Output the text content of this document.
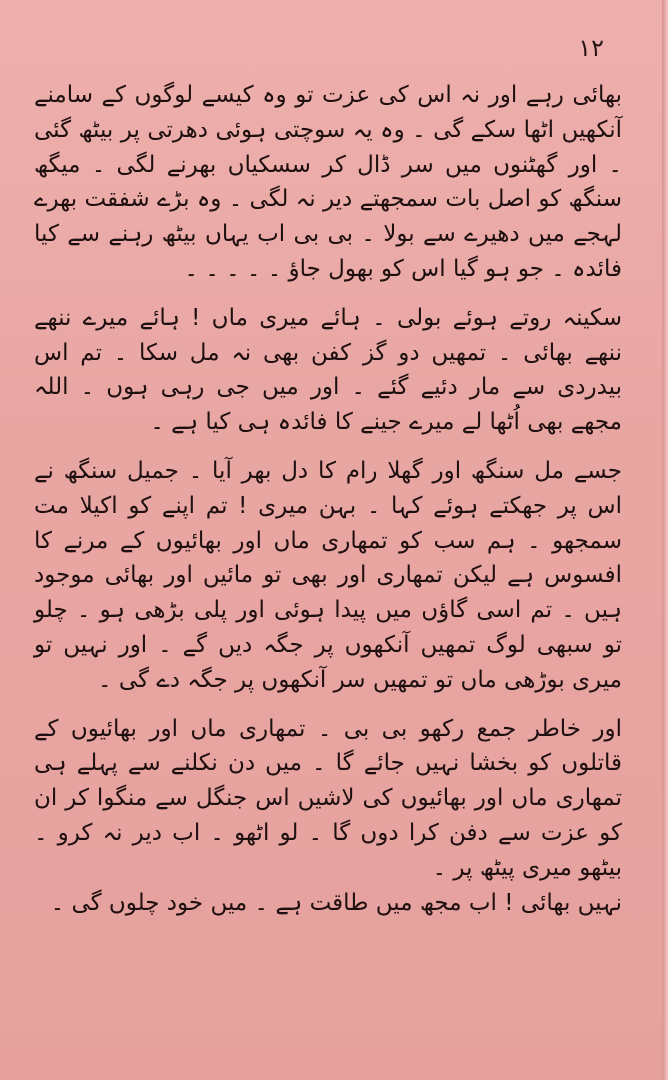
۱۲

بھائی رہے اور نہ اس کی عزت تو وہ کیسے لوگوں کے سامنے آنکھیں اٹھا سکے گی ۔ وہ یہ سوچتی ہوئی دھرتی پر بیٹھ گئی ۔ اور گھٹنوں میں سر ڈال کر سسکیاں بھرنے لگی ۔ میگھ سنگھ کو اصل بات سمجھتے دیر نہ لگی ۔ وہ بڑے شفقت بھرے لہجے میں دھیرے سے بولا ۔ بی بی اب یہاں بیٹھ رہنے سے کیا فائدہ ۔ جو ہو گیا اس کو بھول جاؤ ۔ ۔ ۔ ۔ ۔

سکینہ روتے ہوئے بولی ۔ ہائے میری ماں ! ہائے میرے ننھے ننھے بھائی ۔ تمھیں دو گز کفن بھی نہ مل سکا ۔ تم اس بیدردی سے مار دئیے گئے ۔ اور میں جی رہی ہوں ۔ اللہ مجھے بھی اُٹھا لے میرے جینے کا فائدہ ہی کیا ہے ۔

جسے مل سنگھ اور گھلا رام کا دل بھر آیا ۔ جمیل سنگھ نے اس پر جھکتے ہوئے کہا ۔ بہن میری ! تم اپنے کو اکیلا مت سمجھو ۔ ہم سب کو تمھاری ماں اور بھائیوں کے مرنے کا افسوس ہے لیکن تمھاری اور بھی تو مائیں اور بھائی موجود ہیں ۔ تم اسی گاؤں میں پیدا ہوئی اور پلی بڑھی ہو ۔ چلو تو سبھی لوگ تمھیں آنکھوں پر جگہ دیں گے ۔ اور نہیں تو میری بوڑھی ماں تو تمھیں سر آنکھوں پر جگہ دے گی ۔

اور خاطر جمع رکھو بی بی ۔ تمھاری ماں اور بھائیوں کے قاتلوں کو بخشا نہیں جائے گا ۔ میں دن نکلنے سے پہلے ہی تمھاری ماں اور بھائیوں کی لاشیں اس جنگل سے منگوا کر ان کو عزت سے دفن کرا دوں گا ۔ لو اٹھو ۔ اب دیر نہ کرو ۔ بیٹھو میری پیٹھ پر ۔

نہیں بھائی ! اب مجھ میں طاقت ہے ۔ میں خود چلوں گی ۔
